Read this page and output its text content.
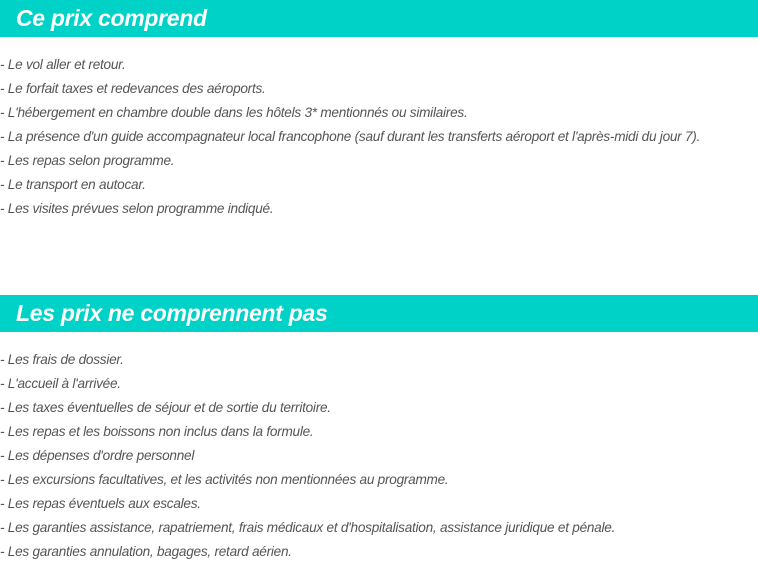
Ce prix comprend
- Le vol aller et retour.
- Le forfait taxes et redevances des aéroports.
- L'hébergement en chambre double dans les hôtels 3* mentionnés ou similaires.
- La présence d'un guide accompagnateur local francophone (sauf durant les transferts aéroport et l'après-midi du jour 7).
- Les repas selon programme.
- Le transport en autocar.
- Les visites prévues selon programme indiqué.
Les prix ne comprennent pas
- Les frais de dossier.
- L'accueil à l'arrivée.
- Les taxes éventuelles de séjour et de sortie du territoire.
- Les repas et les boissons non inclus dans la formule.
- Les dépenses d'ordre personnel
- Les excursions facultatives, et les activités non mentionnées au programme.
- Les repas éventuels aux escales.
- Les garanties assistance, rapatriement, frais médicaux et d'hospitalisation, assistance juridique et pénale.
- Les garanties annulation, bagages, retard aérien.
